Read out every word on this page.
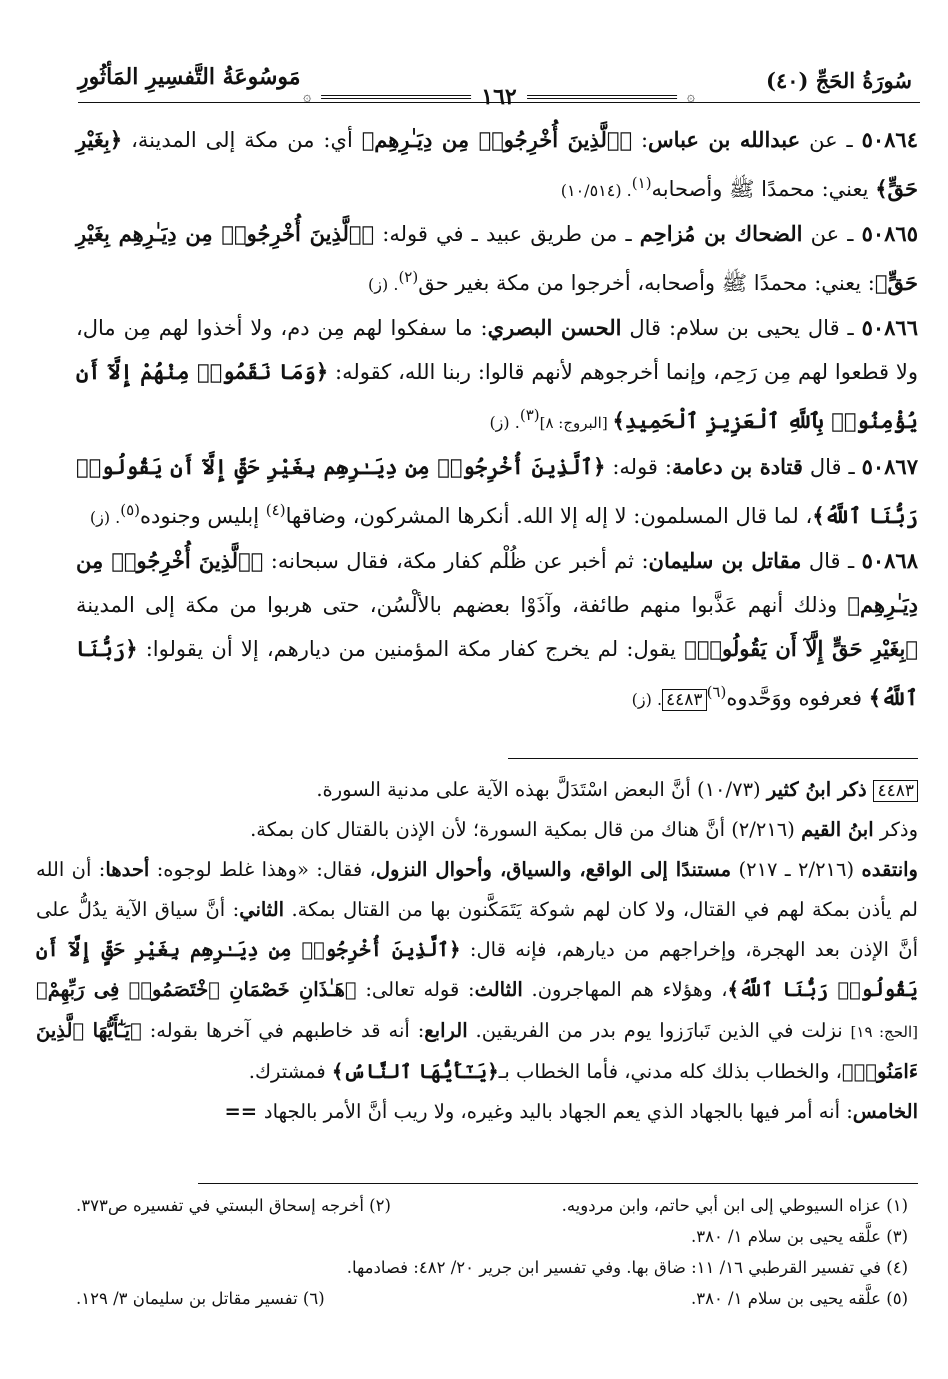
سُورَةُ الحَجِّ (٤٠)
۞	١٦٢	۞
مَوسُوعَةُ التَّفسِيرِ المَأثُورِ

٥٠٨٦٤ ـ عن عبدالله بن عباس: ﴿ٱلَّذِينَ أُخْرِجُوا۟ مِن دِيَـٰرِهِم﴾ أي: من مكة إلى المدينة، ﴿بِغَيْرِ حَقٍّ﴾ يعني: محمدًا ﷺ وأصحابه$^{(١)}$. (١٠/٥١٤)

٥٠٨٦٥ ـ عن الضحاك بن مُزاحِم ـ من طريق عبيد ـ في قوله: ﴿ٱلَّذِينَ أُخْرِجُوا۟ مِن دِيَـٰرِهِم بِغَيْرِ حَقٍّ﴾: يعني: محمدًا ﷺ وأصحابه، أخرجوا من مكة بغير حق$^{(٢)}$. (ز)

٥٠٨٦٦ ـ قال يحيى بن سلام: قال الحسن البصري: ما سفكوا لهم مِن دم، ولا أخذوا لهم مِن مال، ولا قطعوا لهم مِن رَحِم، وإنما أخرجوهم لأنهم قالوا: ربنا الله، كقوله: ﴿وَمَا نَقَمُوا۟ مِنْهُمْ إِلَّآ أَن يُؤْمِنُوا۟ بِٱللَّهِ ٱلْعَزِيزِ ٱلْحَمِيدِ﴾ [البروج: ٨]$^{(٣)}$. (ز)

٥٠٨٦٧ ـ قال قتادة بن دعامة: قوله: ﴿ٱلَّذِينَ أُخْرِجُوا۟ مِن دِيَـٰرِهِم بِغَيْرِ حَقٍّ إِلَّآ أَن يَقُولُوا۟ رَبُّنَا ٱللَّهُ﴾، لما قال المسلمون: لا إله إلا الله. أنكرها المشركون، وضاقها$^{(٤)}$ إبليس وجنوده$^{(٥)}$. (ز)

٥٠٨٦٨ ـ قال مقاتل بن سليمان: ثم أخبر عن ظُلْم كفار مكة، فقال سبحانه: ﴿ٱلَّذِينَ أُخْرِجُوا۟ مِن دِيَـٰرِهِم﴾ وذلك أنهم عَذَّبوا منهم طائفة، وآذَوْا بعضهم بالألْسُن، حتى هربوا من مكة إلى المدينة ﴿بِغَيْرِ حَقٍّ إِلَّآ أَن يَقُولُوا۟﴾ يقول: لم يخرج كفار مكة المؤمنين من ديارهم، إلا أن يقولوا: ﴿رَبُّنَا ٱللَّهُ﴾ فعرفوه ووَحَّدوه$^{(٦)}$٤٤٨٣. (ز)

٤٤٨٣ ذكر ابنُ كثير (١٠/٧٣) أنَّ البعض اسْتَدَلَّ بهذه الآية على مدنية السورة.

وذكر ابنُ القيم (٢/٢١٦) أنَّ هناك من قال بمكية السورة؛ لأن الإذن بالقتال كان بمكة.

وانتقده (٢/٢١٦ ـ ٢١٧) مستندًا إلى الواقع، والسياق، وأحوال النزول، فقال: «وهذا غلط لوجوه: أحدها: أن الله لم يأذن بمكة لهم في القتال، ولا كان لهم شوكة يَتَمَكَّنون بها من القتال بمكة. الثاني: أنَّ سياق الآية يدُلُّ على أنَّ الإذن بعد الهجرة، وإخراجهم من ديارهم، فإنه قال: ﴿ٱلَّذِينَ أُخْرِجُوا۟ مِن دِيَـٰرِهِم بِغَيْرِ حَقٍّ إِلَّآ أَن يَقُولُوا۟ رَبُّنَا ٱللَّهُ﴾، وهؤلاء هم المهاجرون. الثالث: قوله تعالى: ﴿هَـٰذَانِ خَصْمَانِ ٱخْتَصَمُوا۟ فِى رَبِّهِمْ﴾ [الحج: ١٩] نزلت في الذين تَبارَزوا يوم بدر من الفريقين. الرابع: أنه قد خاطبهم في آخرها بقوله: ﴿يَـٰٓأَيُّهَا ٱلَّذِينَ ءَامَنُوا۟﴾، والخطاب بذلك كله مدني، فأما الخطاب بـ﴿يَـٰٓأَيُّهَا ٱلنَّاسُ﴾ فمشترك.

الخامس: أنه أمر فيها بالجهاد الذي يعم الجهاد باليد وغيره، ولا ريب أنَّ الأمر بالجهاد ==

(١) عزاه السيوطي إلى ابن أبي حاتم، وابن مردويه.
(٢) أخرجه إسحاق البستي في تفسيره ص٣٧٣.
(٣) علَّقه يحيى بن سلام ١/ ٣٨٠.
(٤) في تفسير القرطبي ١٦/ ١١: ضاق بها. وفي تفسير ابن جرير ٢٠/ ٤٨٢: فصادمها.
(٥) علَّقه يحيى بن سلام ١/ ٣٨٠.
(٦) تفسير مقاتل بن سليمان ٣/ ١٢٩.
